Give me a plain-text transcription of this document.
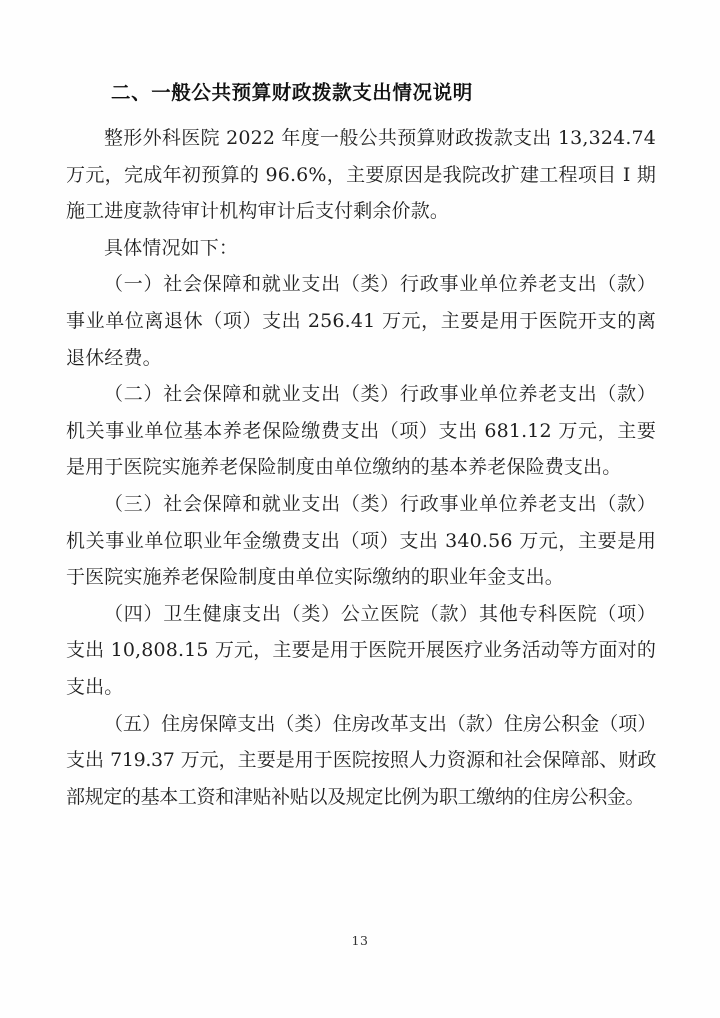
二、一般公共预算财政拨款支出情况说明

整形外科医院 2022 年度一般公共预算财政拨款支出 13,324.74 万元，完成年初预算的 96.6%，主要原因是我院改扩建工程项目 I 期施工进度款待审计机构审计后支付剩余价款。

具体情况如下：

（一）社会保障和就业支出（类）行政事业单位养老支出（款）事业单位离退休（项）支出 256.41 万元，主要是用于医院开支的离退休经费。

（二）社会保障和就业支出（类）行政事业单位养老支出（款）机关事业单位基本养老保险缴费支出（项）支出 681.12 万元，主要是用于医院实施养老保险制度由单位缴纳的基本养老保险费支出。

（三）社会保障和就业支出（类）行政事业单位养老支出（款）机关事业单位职业年金缴费支出（项）支出 340.56 万元，主要是用于医院实施养老保险制度由单位实际缴纳的职业年金支出。

（四）卫生健康支出（类）公立医院（款）其他专科医院（项）支出 10,808.15 万元，主要是用于医院开展医疗业务活动等方面对的支出。

（五）住房保障支出（类）住房改革支出（款）住房公积金（项）支出 719.37 万元，主要是用于医院按照人力资源和社会保障部、财政部规定的基本工资和津贴补贴以及规定比例为职工缴纳的住房公积金。

13
